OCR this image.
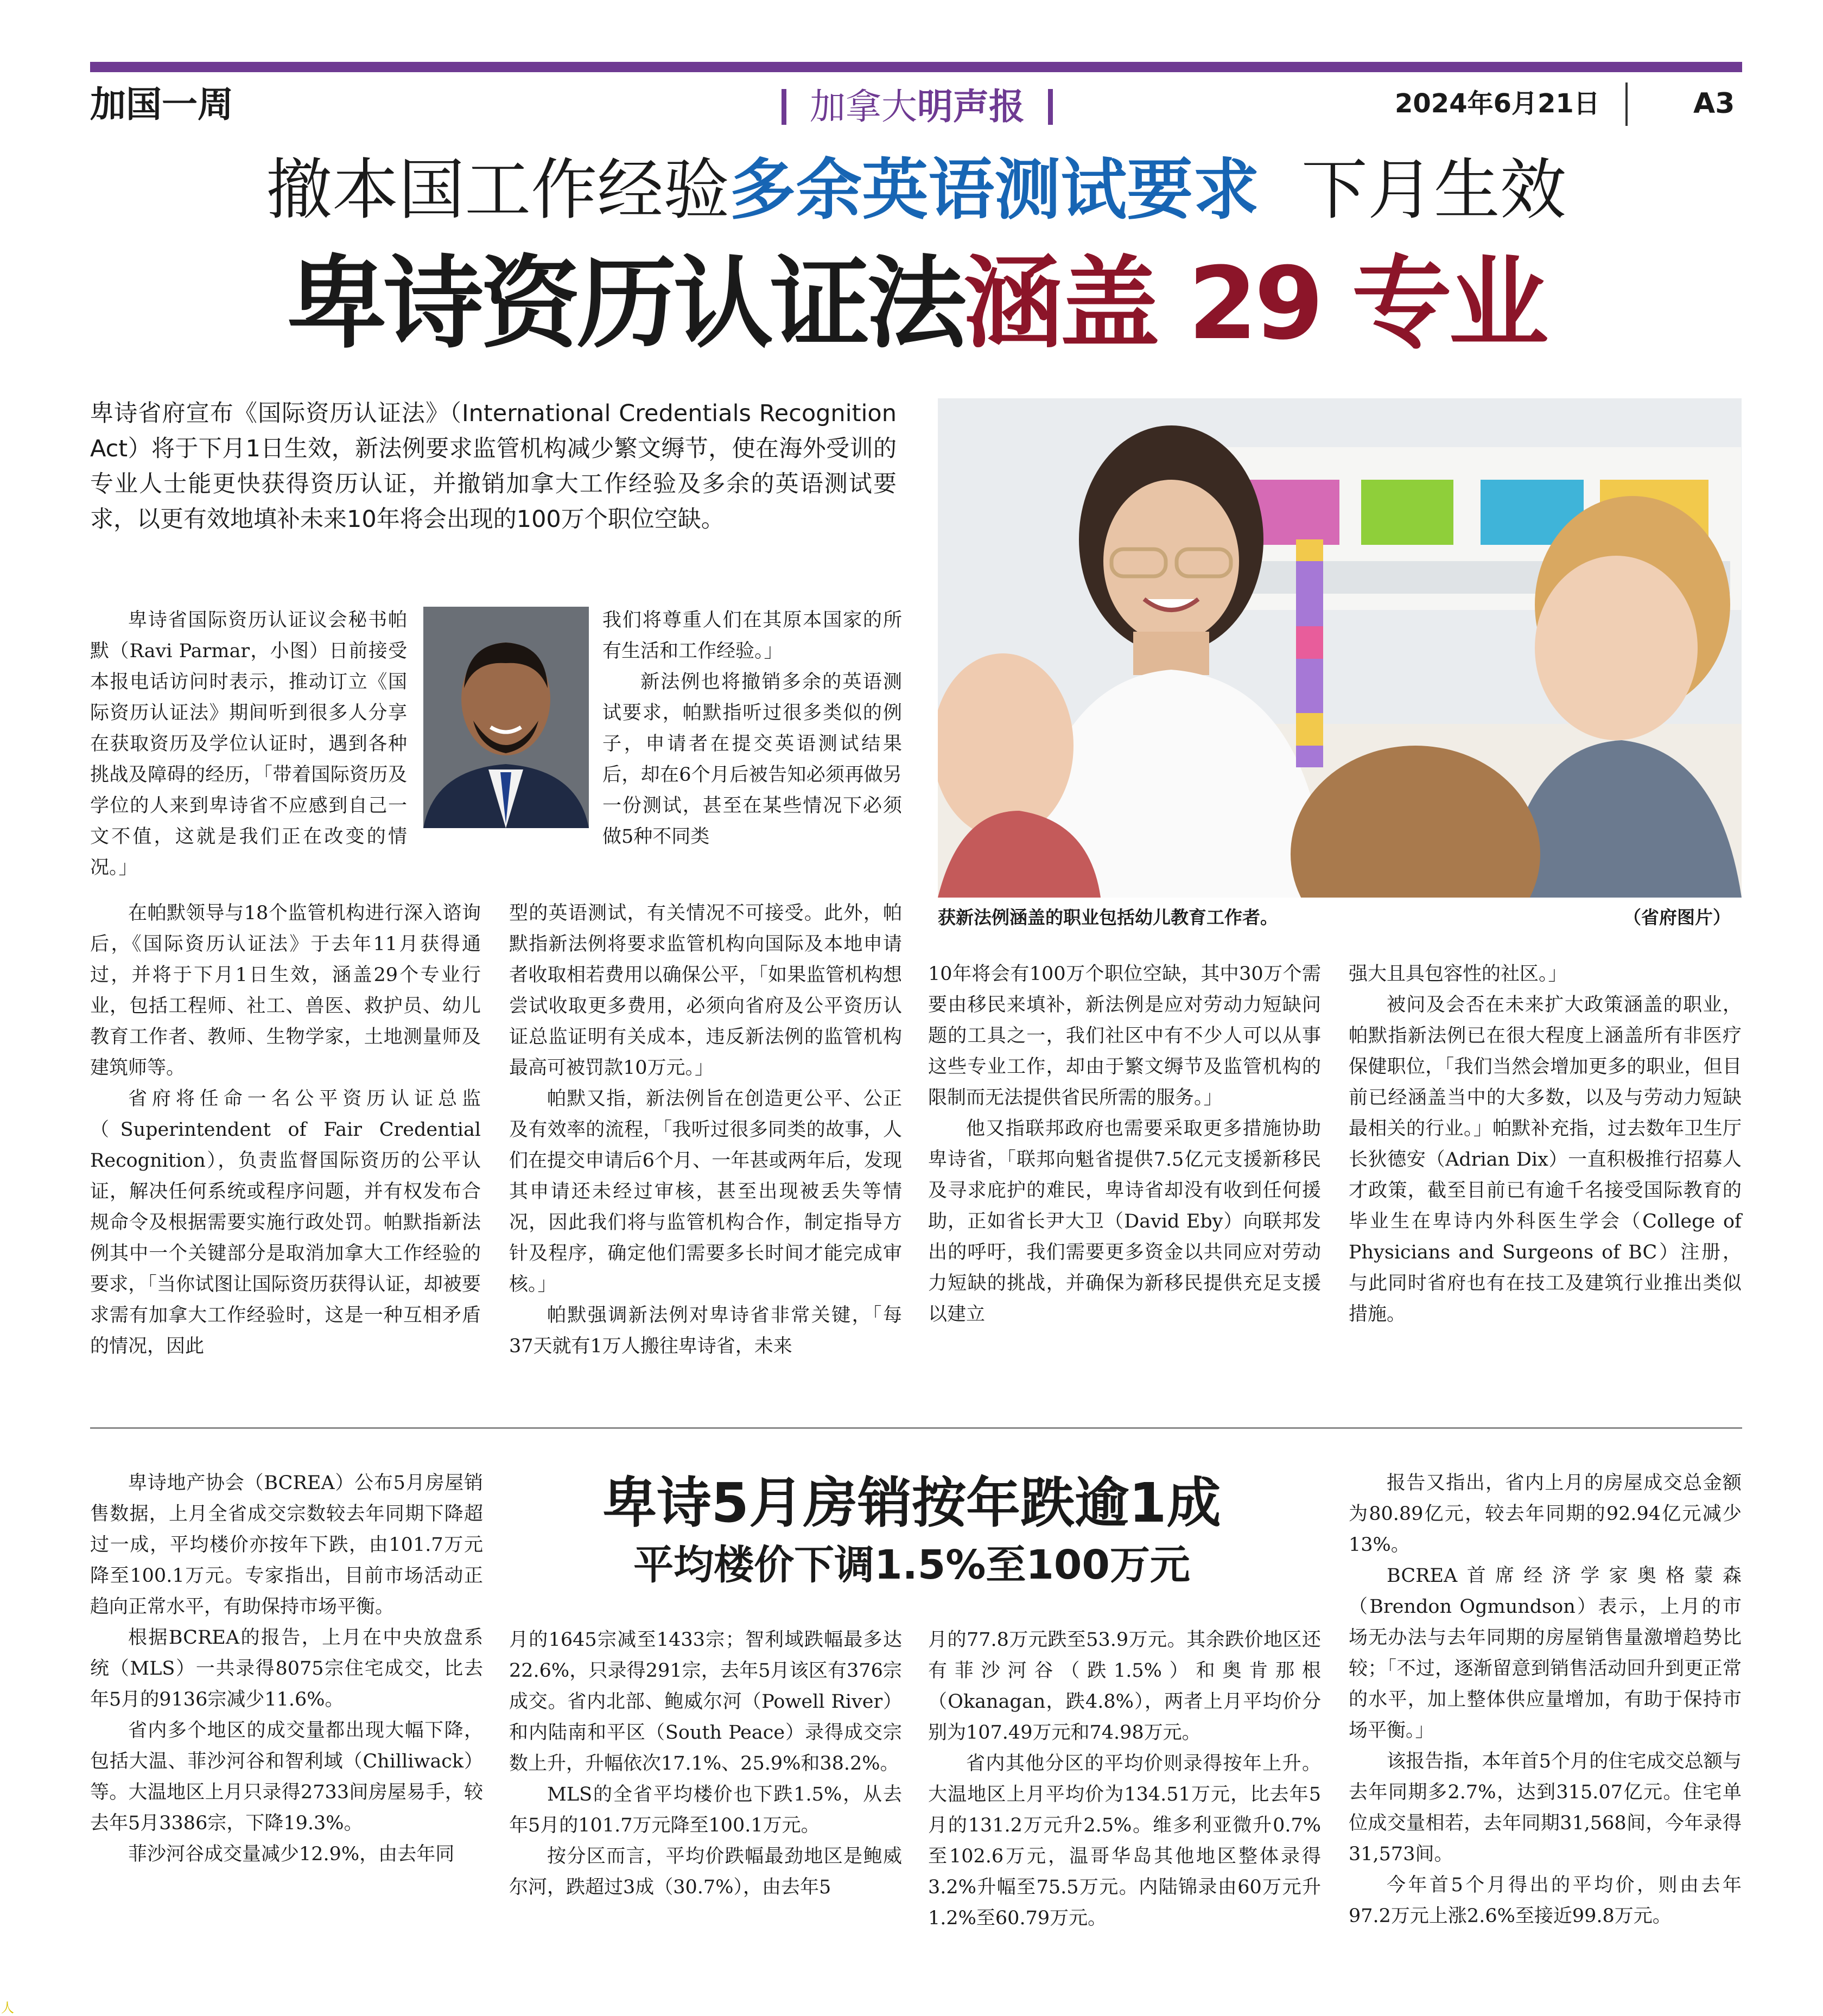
加国一周	加拿大明声报	2024年6月21日	A3
撤本国工作经验多余英语测试要求 下月生效
卑诗资历认证法涵盖 29 专业
卑诗省府宣布《国际资历认证法》（International Credentials Recognition Act）将于下月1日生效，新法例要求监管机构减少繁文缛节，使在海外受训的专业人士能更快获得资历认证，并撤销加拿大工作经验及多余的英语测试要求，以更有效地填补未来10年将会出现的100万个职位空缺。
获新法例涵盖的职业包括幼儿教育工作者。	（省府图片）

卑诗省国际资历认证议会秘书帕默（Ravi Parmar，小图）日前接受本报电话访问时表示，推动订立《国际资历认证法》期间听到很多人分享在获取资历及学位认证时，遇到各种挑战及障碍的经历，「带着国际资历及学位的人来到卑诗省不应感到自己一文不值，这就是我们正在改变的情况。」

在帕默领导与18个监管机构进行深入谘询后，《国际资历认证法》于去年11月获得通过，并将于下月1日生效，涵盖29个专业行业，包括工程师、社工、兽医、救护员、幼儿教育工作者、教师、生物学家，土地测量师及建筑师等。

省府将任命一名公平资历认证总监（Superintendent of Fair Credential Recognition），负责监督国际资历的公平认证，解决任何系统或程序问题，并有权发布合规命令及根据需要实施行政处罚。帕默指新法例其中一个关键部分是取消加拿大工作经验的要求，「当你试图让国际资历获得认证，却被要求需有加拿大工作经验时，这是一种互相矛盾的情况，因此

我们将尊重人们在其原本国家的所有生活和工作经验。」

新法例也将撤销多余的英语测试要求，帕默指听过很多类似的例子，申请者在提交英语测试结果后，却在6个月后被告知必须再做另一份测试，甚至在某些情况下必须做5种不同类

型的英语测试，有关情况不可接受。此外，帕默指新法例将要求监管机构向国际及本地申请者收取相若费用以确保公平，「如果监管机构想尝试收取更多费用，必须向省府及公平资历认证总监证明有关成本，违反新法例的监管机构最高可被罚款10万元。」

帕默又指，新法例旨在创造更公平、公正及有效率的流程，「我听过很多同类的故事，人们在提交申请后6个月、一年甚或两年后，发现其申请还未经过审核，甚至出现被丢失等情况，因此我们将与监管机构合作，制定指导方针及程序，确定他们需要多长时间才能完成审核。」

帕默强调新法例对卑诗省非常关键，「每37天就有1万人搬往卑诗省，未来

10年将会有100万个职位空缺，其中30万个需要由移民来填补，新法例是应对劳动力短缺问题的工具之一，我们社区中有不少人可以从事这些专业工作，却由于繁文缛节及监管机构的限制而无法提供省民所需的服务。」

他又指联邦政府也需要采取更多措施协助卑诗省，「联邦向魁省提供7.5亿元支援新移民及寻求庇护的难民，卑诗省却没有收到任何援助，正如省长尹大卫（David Eby）向联邦发出的呼吁，我们需要更多资金以共同应对劳动力短缺的挑战，并确保为新移民提供充足支援以建立

强大且具包容性的社区。」

被问及会否在未来扩大政策涵盖的职业，帕默指新法例已在很大程度上涵盖所有非医疗保健职位，「我们当然会增加更多的职业，但目前已经涵盖当中的大多数，以及与劳动力短缺最相关的行业。」帕默补充指，过去数年卫生厅长狄德安（Adrian Dix）一直积极推行招募人才政策，截至目前已有逾千名接受国际教育的毕业生在卑诗内外科医生学会（College of Physicians and Surgeons of BC）注册，与此同时省府也有在技工及建筑行业推出类似措施。

卑诗5月房销按年跌逾1成
平均楼价下调1.5%至100万元

卑诗地产协会（BCREA）公布5月房屋销售数据，上月全省成交宗数较去年同期下降超过一成，平均楼价亦按年下跌，由101.7万元降至100.1万元。专家指出，目前市场活动正趋向正常水平，有助保持市场平衡。

根据BCREA的报告，上月在中央放盘系统（MLS）一共录得8075宗住宅成交，比去年5月的9136宗减少11.6%。

省内多个地区的成交量都出现大幅下降，包括大温、菲沙河谷和智利域（Chilliwack）等。大温地区上月只录得2733间房屋易手，较去年5月3386宗，下降19.3%。

菲沙河谷成交量减少12.9%，由去年同

月的1645宗减至1433宗；智利域跌幅最多达22.6%，只录得291宗，去年5月该区有376宗成交。省内北部、鲍威尔河（Powell River）和内陆南和平区（South Peace）录得成交宗数上升，升幅依次17.1%、25.9%和38.2%。

MLS的全省平均楼价也下跌1.5%，从去年5月的101.7万元降至100.1万元。

按分区而言，平均价跌幅最劲地区是鲍威尔河，跌超过3成（30.7%），由去年5

月的77.8万元跌至53.9万元。其余跌价地区还有菲沙河谷（跌1.5%）和奥肯那根（Okanagan，跌4.8%），两者上月平均价分别为107.49万元和74.98万元。

省内其他分区的平均价则录得按年上升。大温地区上月平均价为134.51万元，比去年5月的131.2万元升2.5%。维多利亚微升0.7%至102.6万元，温哥华岛其他地区整体录得3.2%升幅至75.5万元。内陆锦录由60万元升1.2%至60.79万元。

报告又指出，省内上月的房屋成交总金额为80.89亿元，较去年同期的92.94亿元减少13%。

BCREA首席经济学家奥格蒙森（Brendon Ogmundson）表示，上月的市场无办法与去年同期的房屋销售量激增趋势比较；「不过，逐渐留意到销售活动回升到更正常的水平，加上整体供应量增加，有助于保持市场平衡。」

该报告指，本年首5个月的住宅成交总额与去年同期多2.7%，达到315.07亿元。住宅单位成交量相若，去年同期31,568间，今年录得31,573间。

今年首5个月得出的平均价，则由去年97.2万元上涨2.6%至接近99.8万元。

人
